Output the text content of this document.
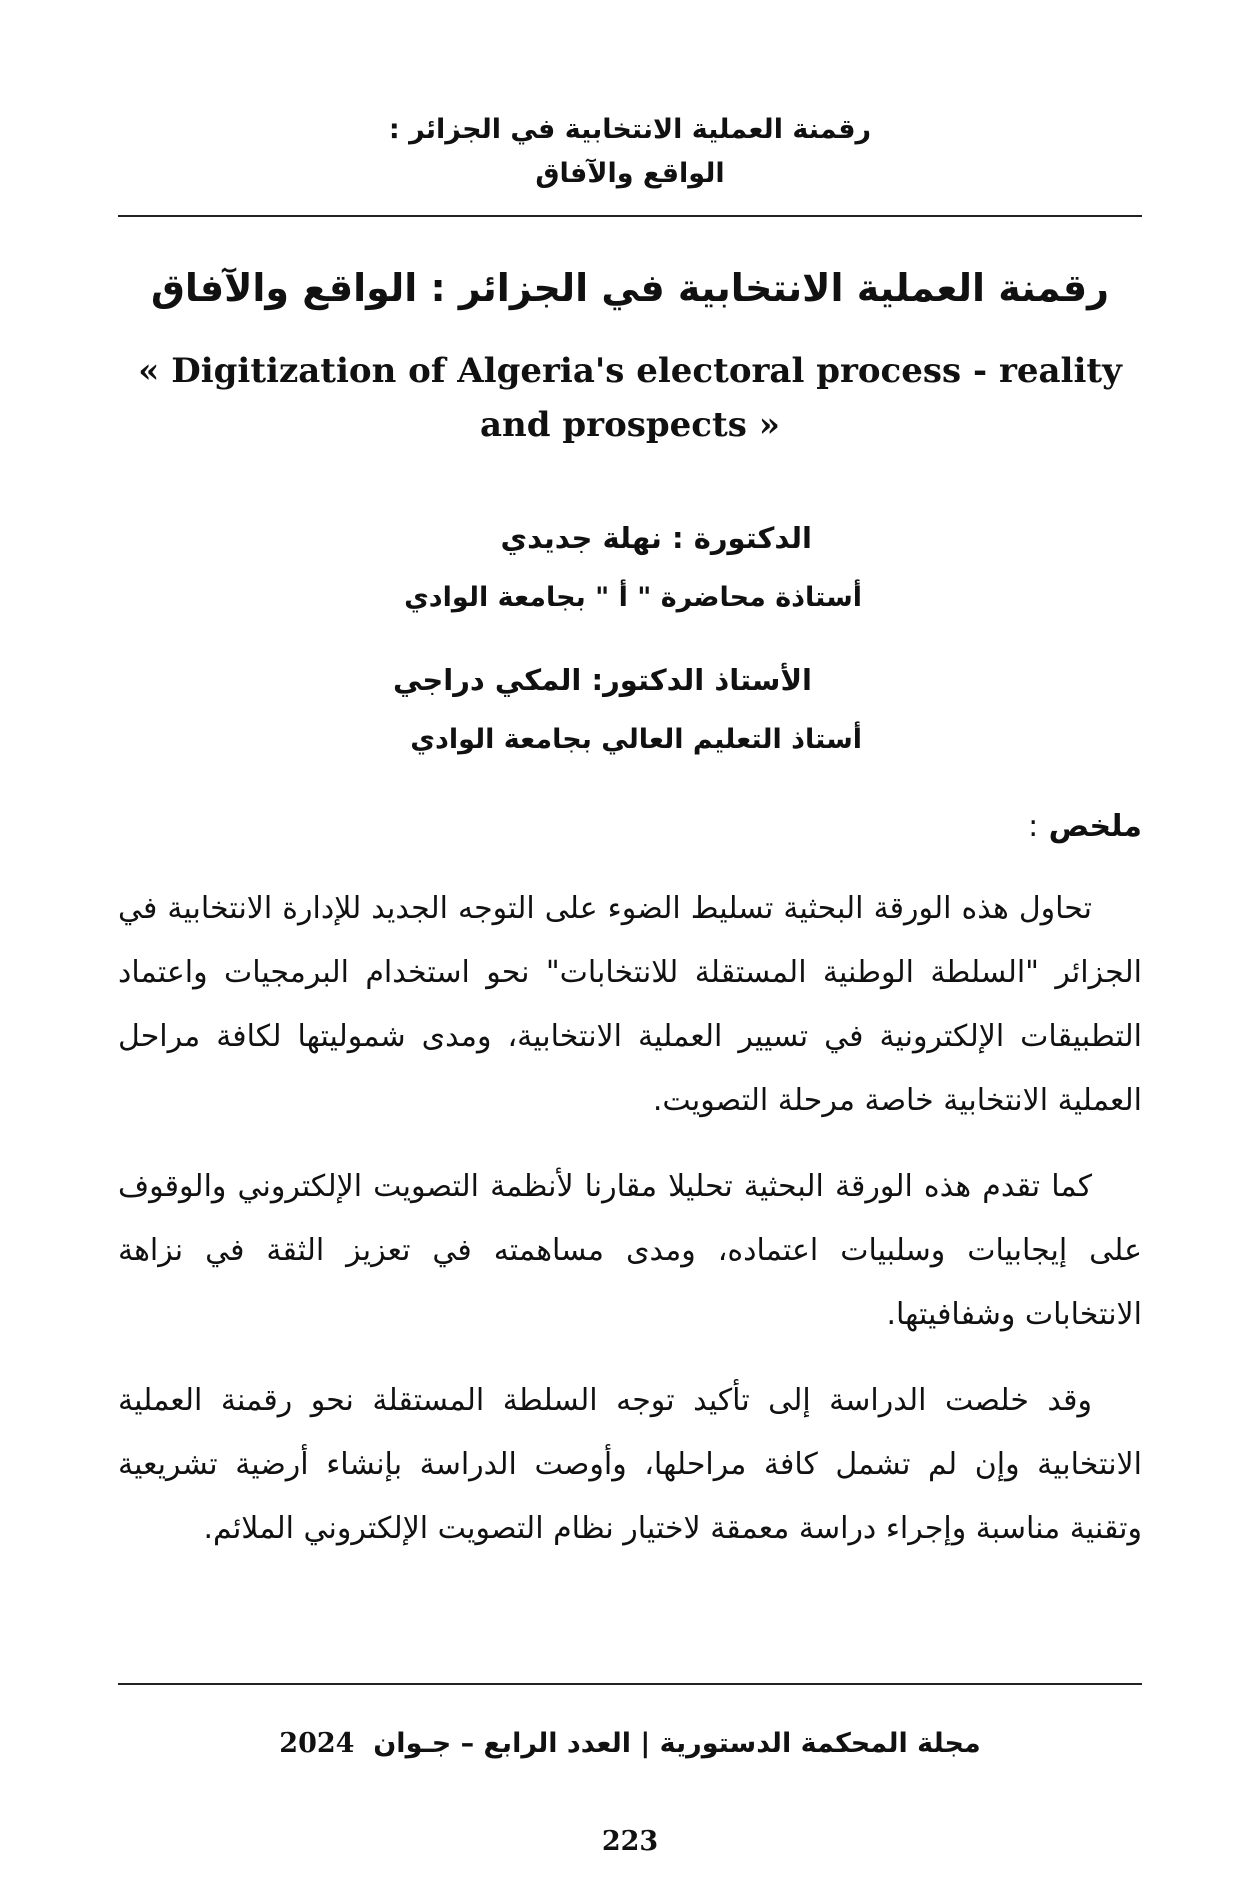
رقمنة العملية الانتخابية في الجزائر :
الواقع والآفاق
رقمنة العملية الانتخابية في الجزائر : الواقع والآفاق
« Digitization of Algeria's electoral process - reality and prospects »
الدكتورة : نهلة جديدي
أستاذة محاضرة " أ " بجامعة الوادي
الأستاذ الدكتور: المكي دراجي
أستاذ التعليم العالي بجامعة الوادي
ملخص :

تحاول هذه الورقة البحثية تسليط الضوء على التوجه الجديد للإدارة الانتخابية في الجزائر "السلطة الوطنية المستقلة للانتخابات" نحو استخدام البرمجيات واعتماد التطبيقات الإلكترونية في تسيير العملية الانتخابية، ومدى شموليتها لكافة مراحل العملية الانتخابية خاصة مرحلة التصويت.

كما تقدم هذه الورقة البحثية تحليلا مقارنا لأنظمة التصويت الإلكتروني والوقوف على إيجابيات وسلبيات اعتماده، ومدى مساهمته في تعزيز الثقة في نزاهة الانتخابات وشفافيتها.

وقد خلصت الدراسة إلى تأكيد توجه السلطة المستقلة نحو رقمنة العملية الانتخابية وإن لم تشمل كافة مراحلها، وأوصت الدراسة بإنشاء أرضية تشريعية وتقنية مناسبة وإجراء دراسة معمقة لاختيار نظام التصويت الإلكتروني الملائم.

مجلة المحكمة الدستورية | العدد الرابع – جـوان  2024
223
